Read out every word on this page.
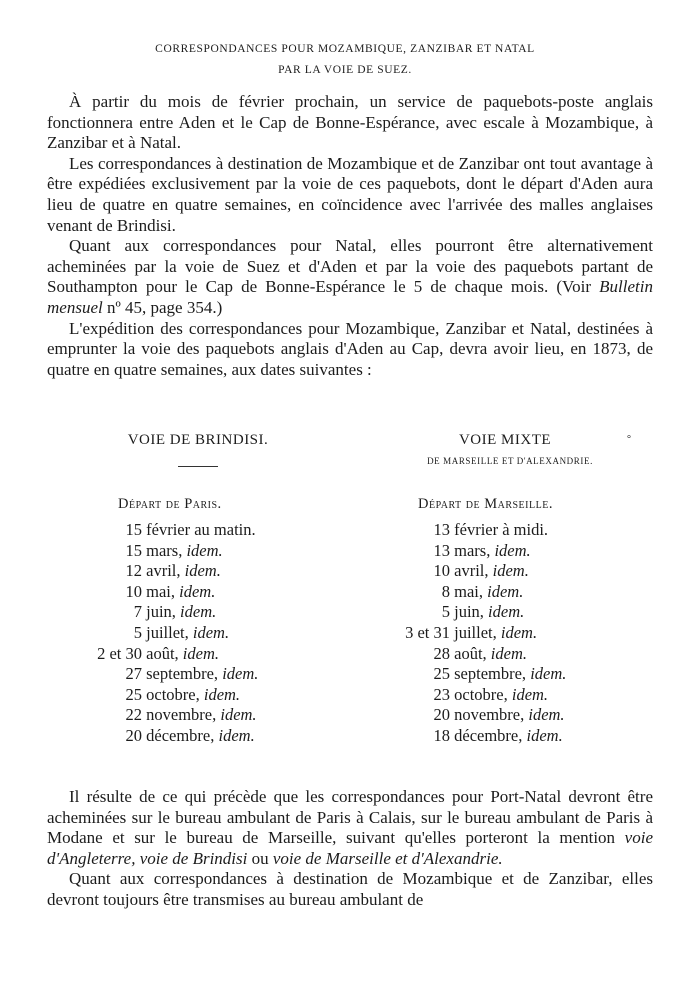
CORRESPONDANCES POUR MOZAMBIQUE, ZANZIBAR ET NATAL
PAR LA VOIE DE SUEZ.

À partir du mois de février prochain, un service de paquebots-poste anglais fonctionnera entre Aden et le Cap de Bonne-Espérance, avec escale à Mozambique, à Zanzibar et à Natal.

Les correspondances à destination de Mozambique et de Zanzibar ont tout avantage à être expédiées exclusivement par la voie de ces paquebots, dont le départ d'Aden aura lieu de quatre en quatre semaines, en coïncidence avec l'arrivée des malles anglaises venant de Brindisi.

Quant aux correspondances pour Natal, elles pourront être alternativement acheminées par la voie de Suez et d'Aden et par la voie des paquebots partant de Southampton pour le Cap de Bonne-Espérance le 5 de chaque mois. (Voir Bulletin mensuel nº 45, page 354.)

L'expédition des correspondances pour Mozambique, Zanzibar et Natal, destinées à emprunter la voie des paquebots anglais d'Aden au Cap, devra avoir lieu, en 1873, de quatre en quatre semaines, aux dates suivantes :

VOIE DE BRINDISI.
Départ de Paris.
15 février au matin.
15 mars, idem.
12 avril, idem.
10 mai, idem.
7 juin, idem.
5 juillet, idem.
2 et 30 août, idem.
27 septembre, idem.
25 octobre, idem.
22 novembre, idem.
20 décembre, idem.
VOIE MIXTE
DE MARSEILLE ET D'ALEXANDRIE.
°
Départ de Marseille.
13 février à midi.
13 mars, idem.
10 avril, idem.
8 mai, idem.
5 juin, idem.
3 et 31 juillet, idem.
28 août, idem.
25 septembre, idem.
23 octobre, idem.
20 novembre, idem.
18 décembre, idem.

Il résulte de ce qui précède que les correspondances pour Port-Natal devront être acheminées sur le bureau ambulant de Paris à Calais, sur le bureau ambulant de Paris à Modane et sur le bureau de Marseille, suivant qu'elles porteront la mention voie d'Angleterre, voie de Brindisi ou voie de Marseille et d'Alexandrie.

Quant aux correspondances à destination de Mozambique et de Zanzibar, elles devront toujours être transmises au bureau ambulant de
